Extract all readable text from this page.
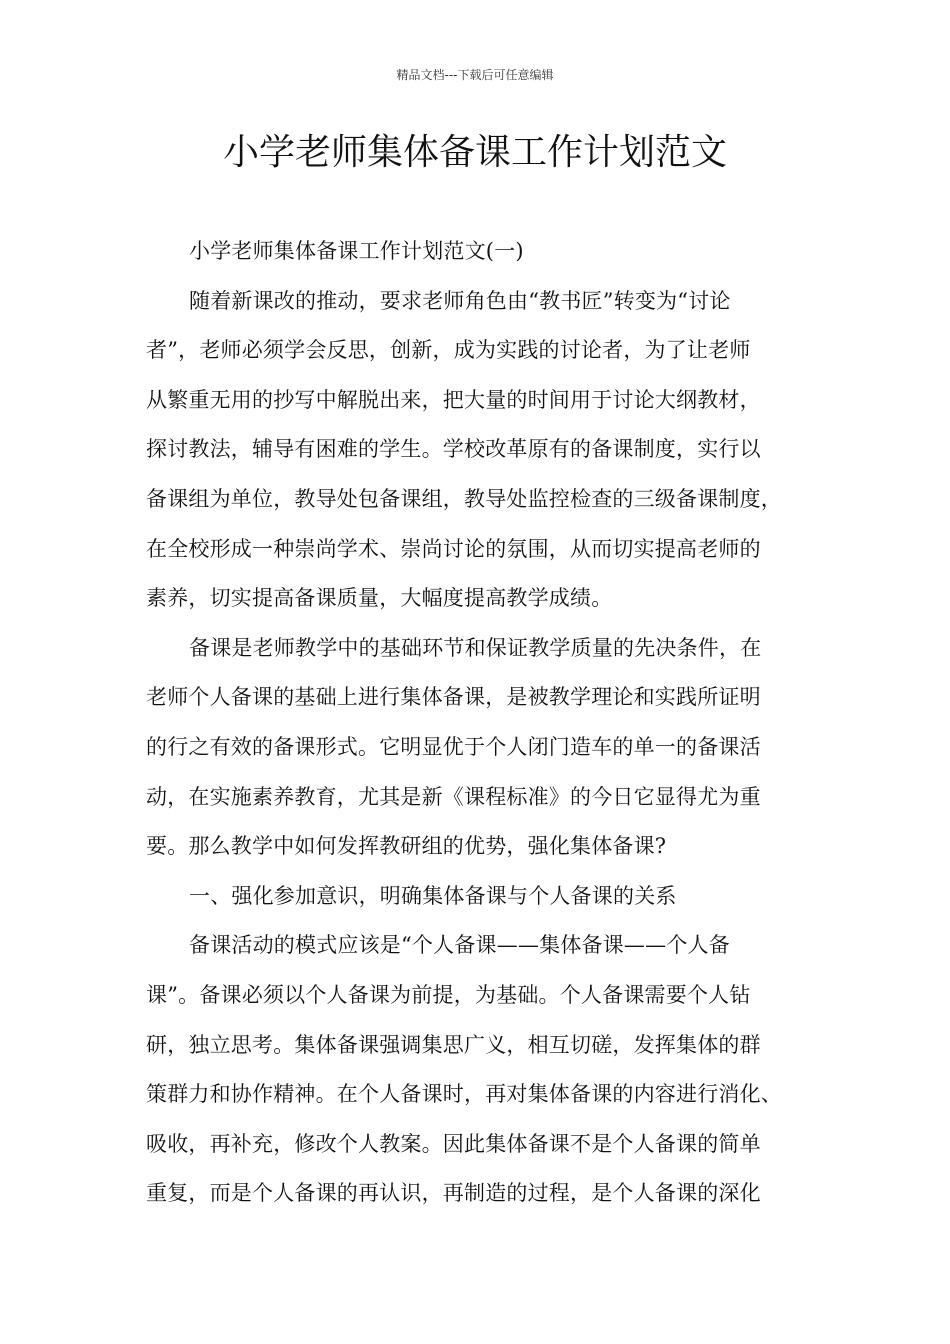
精品文档---下载后可任意编辑
小学老师集体备课工作计划范文
小学老师集体备课工作计划范文(一)
随着新课改的推动，要求老师角色由“教书匠”转变为“讨论
者”，老师必须学会反思，创新，成为实践的讨论者，为了让老师
从繁重无用的抄写中解脱出来，把大量的时间用于讨论大纲教材，
探讨教法，辅导有困难的学生。学校改革原有的备课制度，实行以
备课组为单位，教导处包备课组，教导处监控检查的三级备课制度，
在全校形成一种崇尚学术、崇尚讨论的氛围，从而切实提高老师的
素养，切实提高备课质量，大幅度提高教学成绩。
备课是老师教学中的基础环节和保证教学质量的先决条件，在
老师个人备课的基础上进行集体备课，是被教学理论和实践所证明
的行之有效的备课形式。它明显优于个人闭门造车的单一的备课活
动，在实施素养教育，尤其是新《课程标准》的今日它显得尤为重
要。那么教学中如何发挥教研组的优势，强化集体备课?
一、强化参加意识，明确集体备课与个人备课的关系
备课活动的模式应该是“个人备课——集体备课——个人备
课”。备课必须以个人备课为前提，为基础。个人备课需要个人钻
研，独立思考。集体备课强调集思广义，相互切磋，发挥集体的群
策群力和协作精神。在个人备课时，再对集体备课的内容进行消化、
吸收，再补充，修改个人教案。因此集体备课不是个人备课的简单
重复，而是个人备课的再认识，再制造的过程，是个人备课的深化
